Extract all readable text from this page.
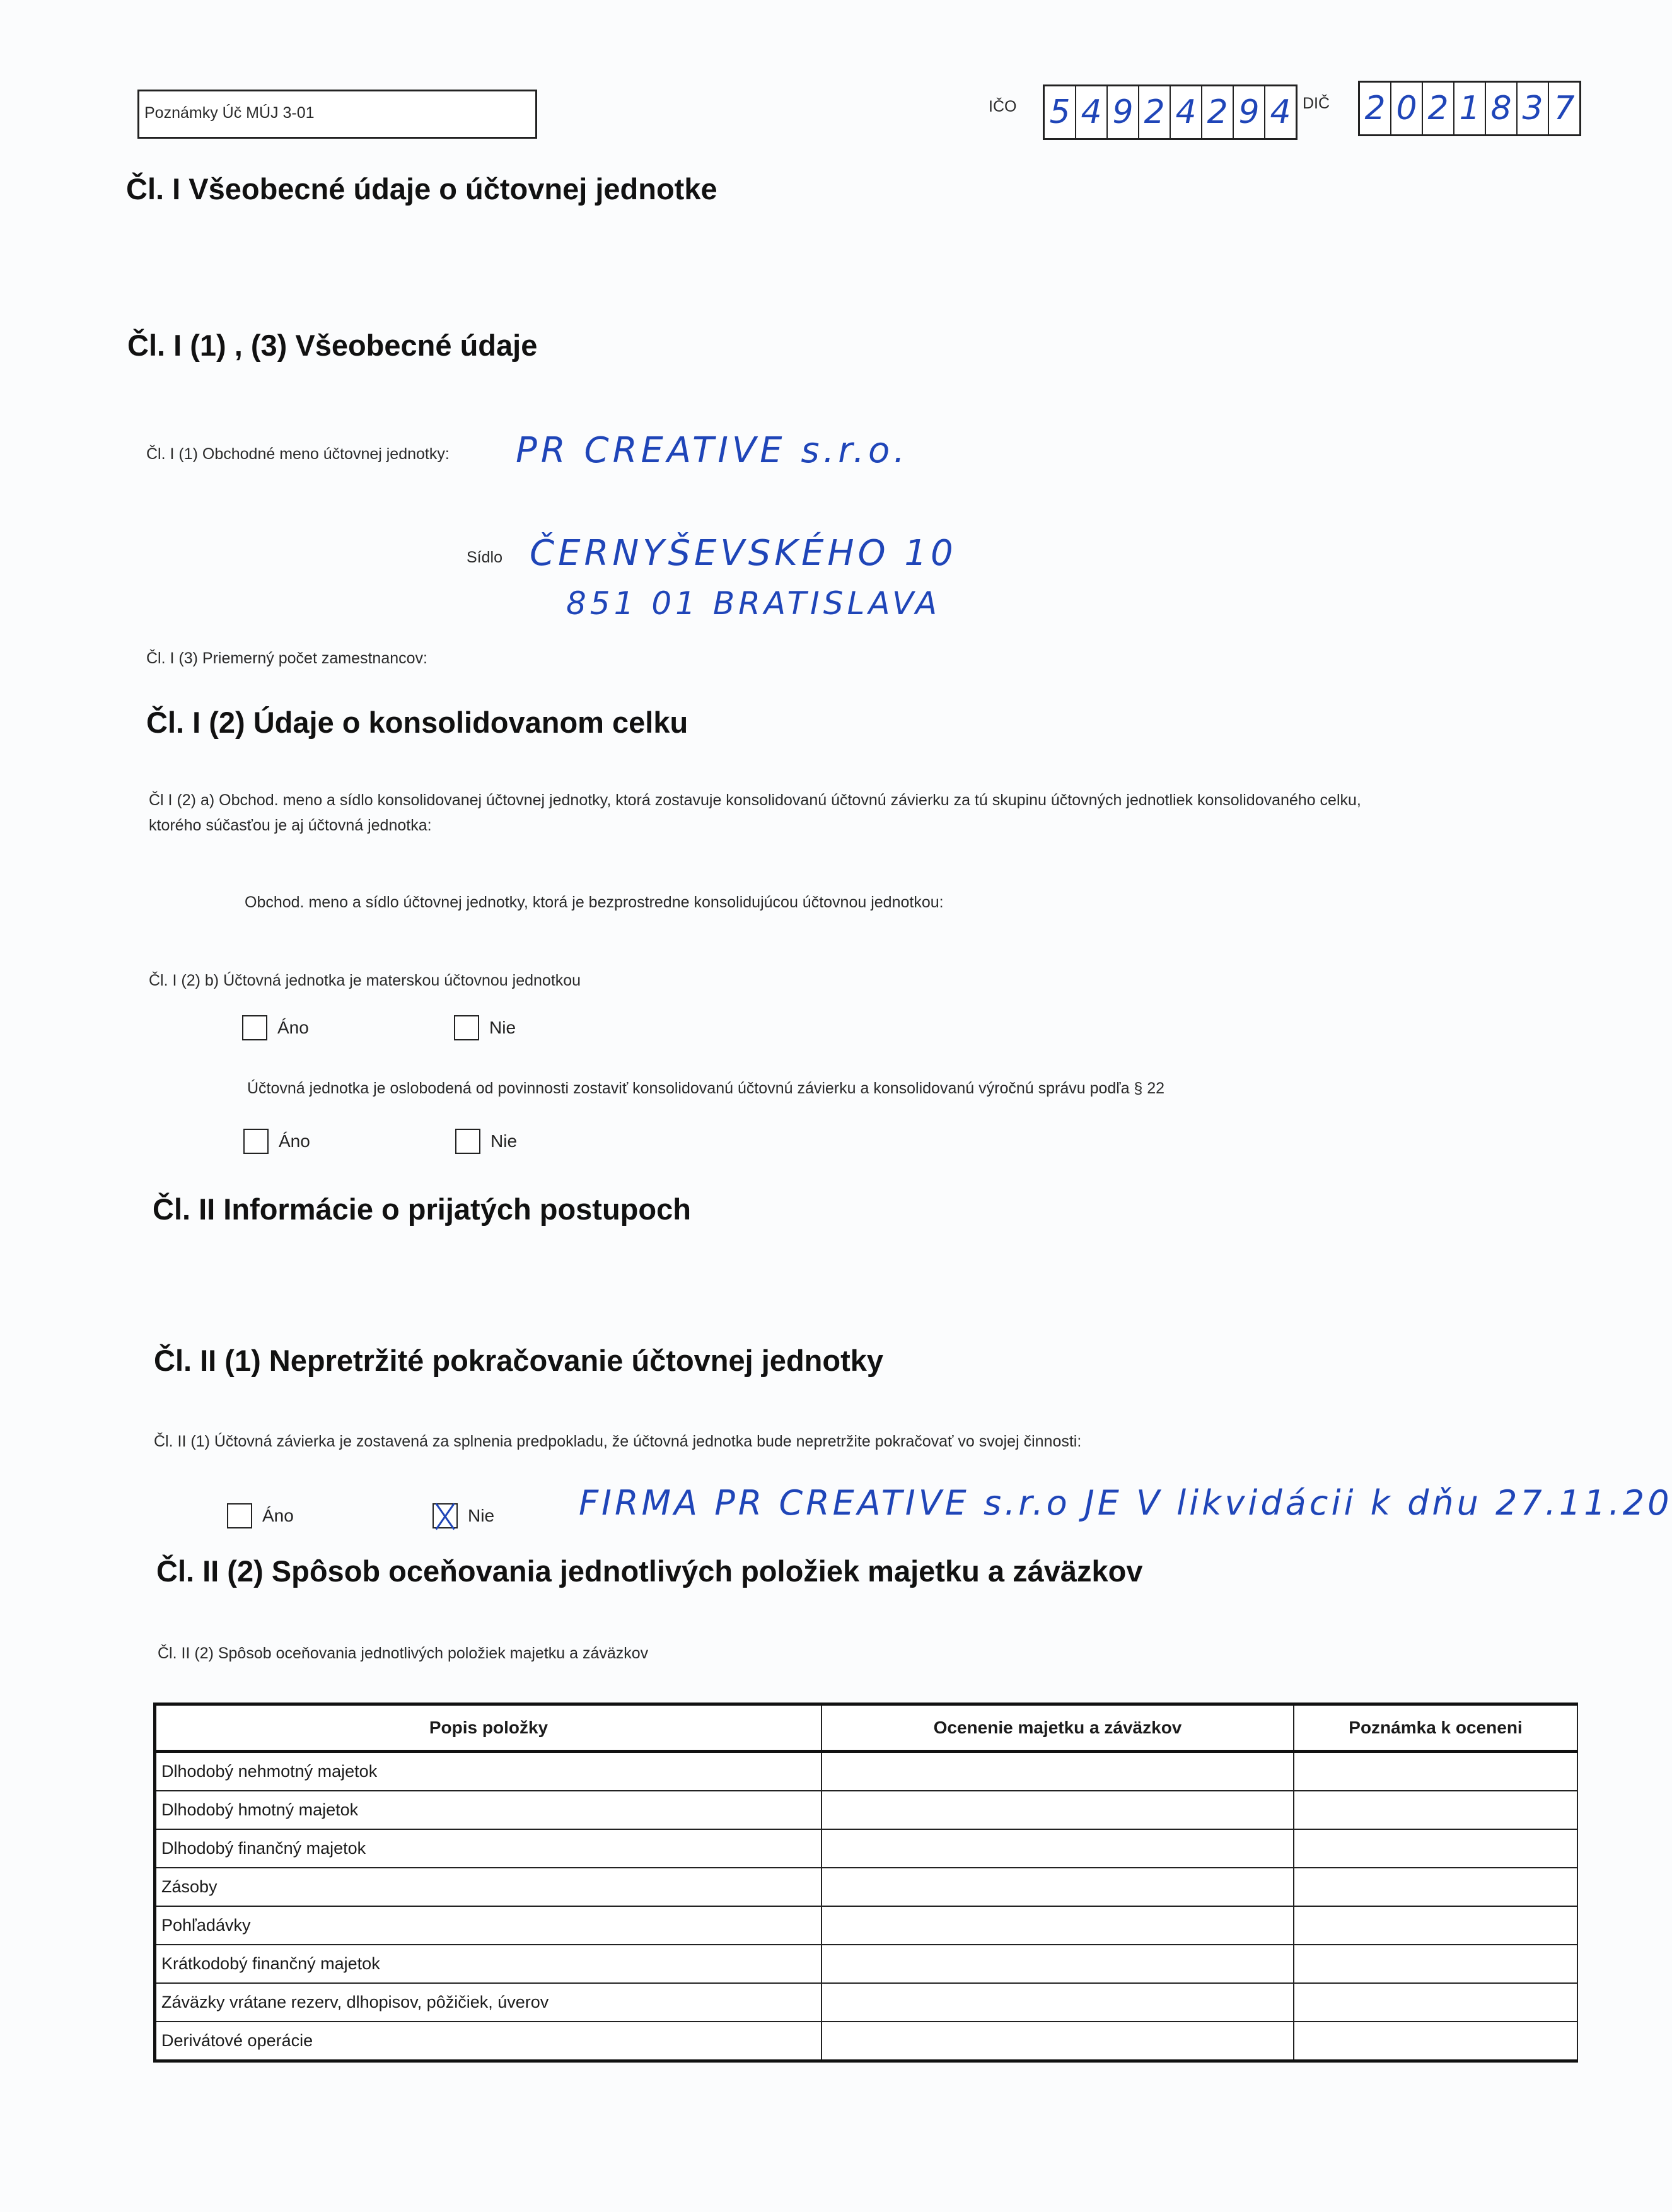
Poznámky Úč MÚJ 3-01	IČO 5 4 9 2 4 2 9 4 DIČ 2 0 2 1 8 3 7
Čl. I Všeobecné údaje o účtovnej jednotke
Čl. I (1) , (3) Všeobecné údaje
Čl. I (1) Obchodné meno účtovnej jednotky: PR CREATIVE s.r.o.
Sídlo ČERNYŠEVSKÉHO 10
851 01 BRATISLAVA
Čl. I (3) Priemerný počet zamestnancov:
Čl. I (2) Údaje o konsolidovanom celku
Čl I (2) a) Obchod. meno a sídlo konsolidovanej účtovnej jednotky, ktorá zostavuje konsolidovanú účtovnú závierku za tú skupinu účtovných jednotliek konsolidovaného celku,
ktorého súčasťou je aj účtovná jednotka:
Obchod. meno a sídlo účtovnej jednotky, ktorá je bezprostredne konsolidujúcou účtovnou jednotkou:
Čl. I (2) b) Účtovná jednotka je materskou účtovnou jednotkou
Áno	Nie
Účtovná jednotka je oslobodená od povinnosti zostaviť konsolidovanú účtovnú závierku a konsolidovanú výročnú správu podľa § 22
Áno	Nie
Čl. II Informácie o prijatých postupoch
Čl. II (1) Nepretržité pokračovanie účtovnej jednotky
Čl. II (1) Účtovná závierka je zostavená za splnenia predpokladu, že účtovná jednotka bude nepretržite pokračovať vo svojej činnosti:
Áno	Nie FIRMA PR CREATIVE s.r.o JE V likvidácii k dňu 27.11.20
Čl. II (2) Spôsob oceňovania jednotlivých položiek majetku a záväzkov
Čl. II (2) Spôsob oceňovania jednotlivých položiek majetku a záväzkov
Popis položky	Ocenenie majetku a záväzkov	Poznámka k oceneni
Dlhodobý nehmotný majetok		
Dlhodobý hmotný majetok		
Dlhodobý finančný majetok		
Zásoby		
Pohľadávky		
Krátkodobý finančný majetok		
Záväzky vrátane rezerv, dlhopisov, pôžičiek, úverov		
Derivátové operácie		
